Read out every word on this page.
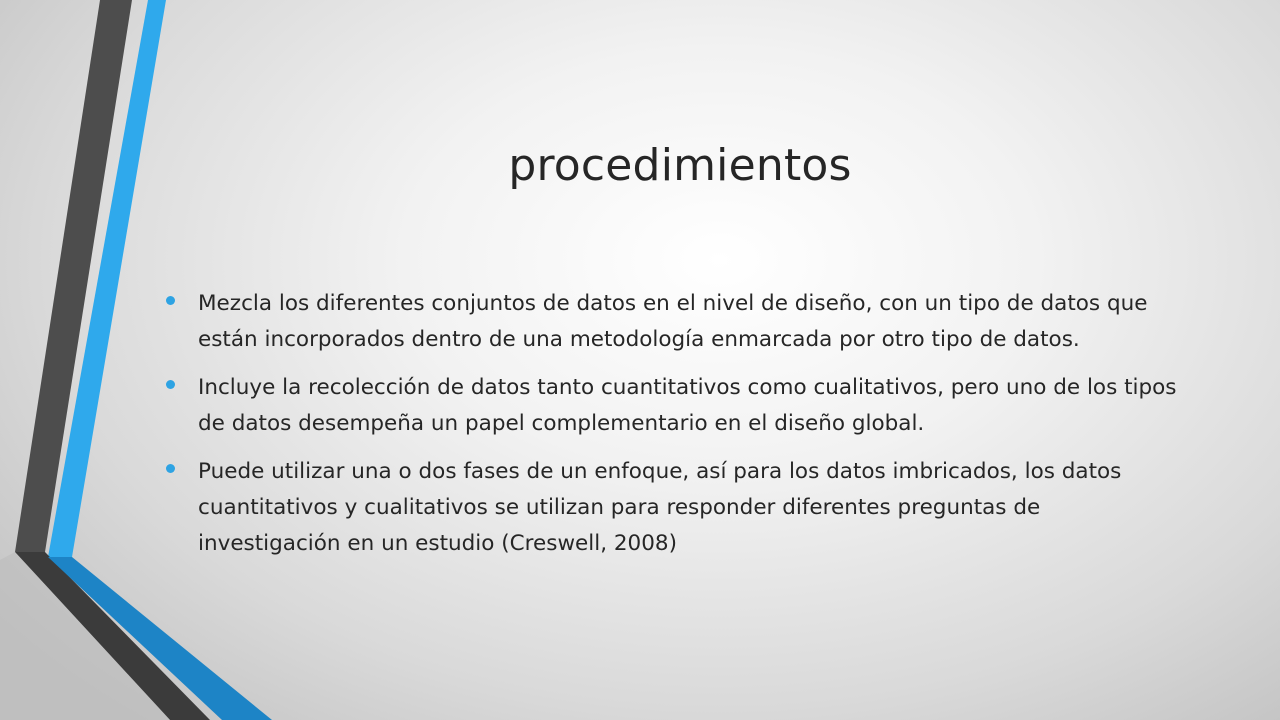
procedimientos
Mezcla los diferentes conjuntos de datos en el nivel de diseño, con un tipo de datos que están incorporados dentro de una metodología enmarcada por otro tipo de datos.
Incluye la recolección de datos tanto cuantitativos como cualitativos, pero uno de los tipos de datos desempeña un papel complementario en el diseño global.
Puede utilizar una o dos fases de un enfoque, así para los datos imbricados, los datos cuantitativos y cualitativos se utilizan para responder diferentes preguntas de investigación en un estudio (Creswell, 2008)
